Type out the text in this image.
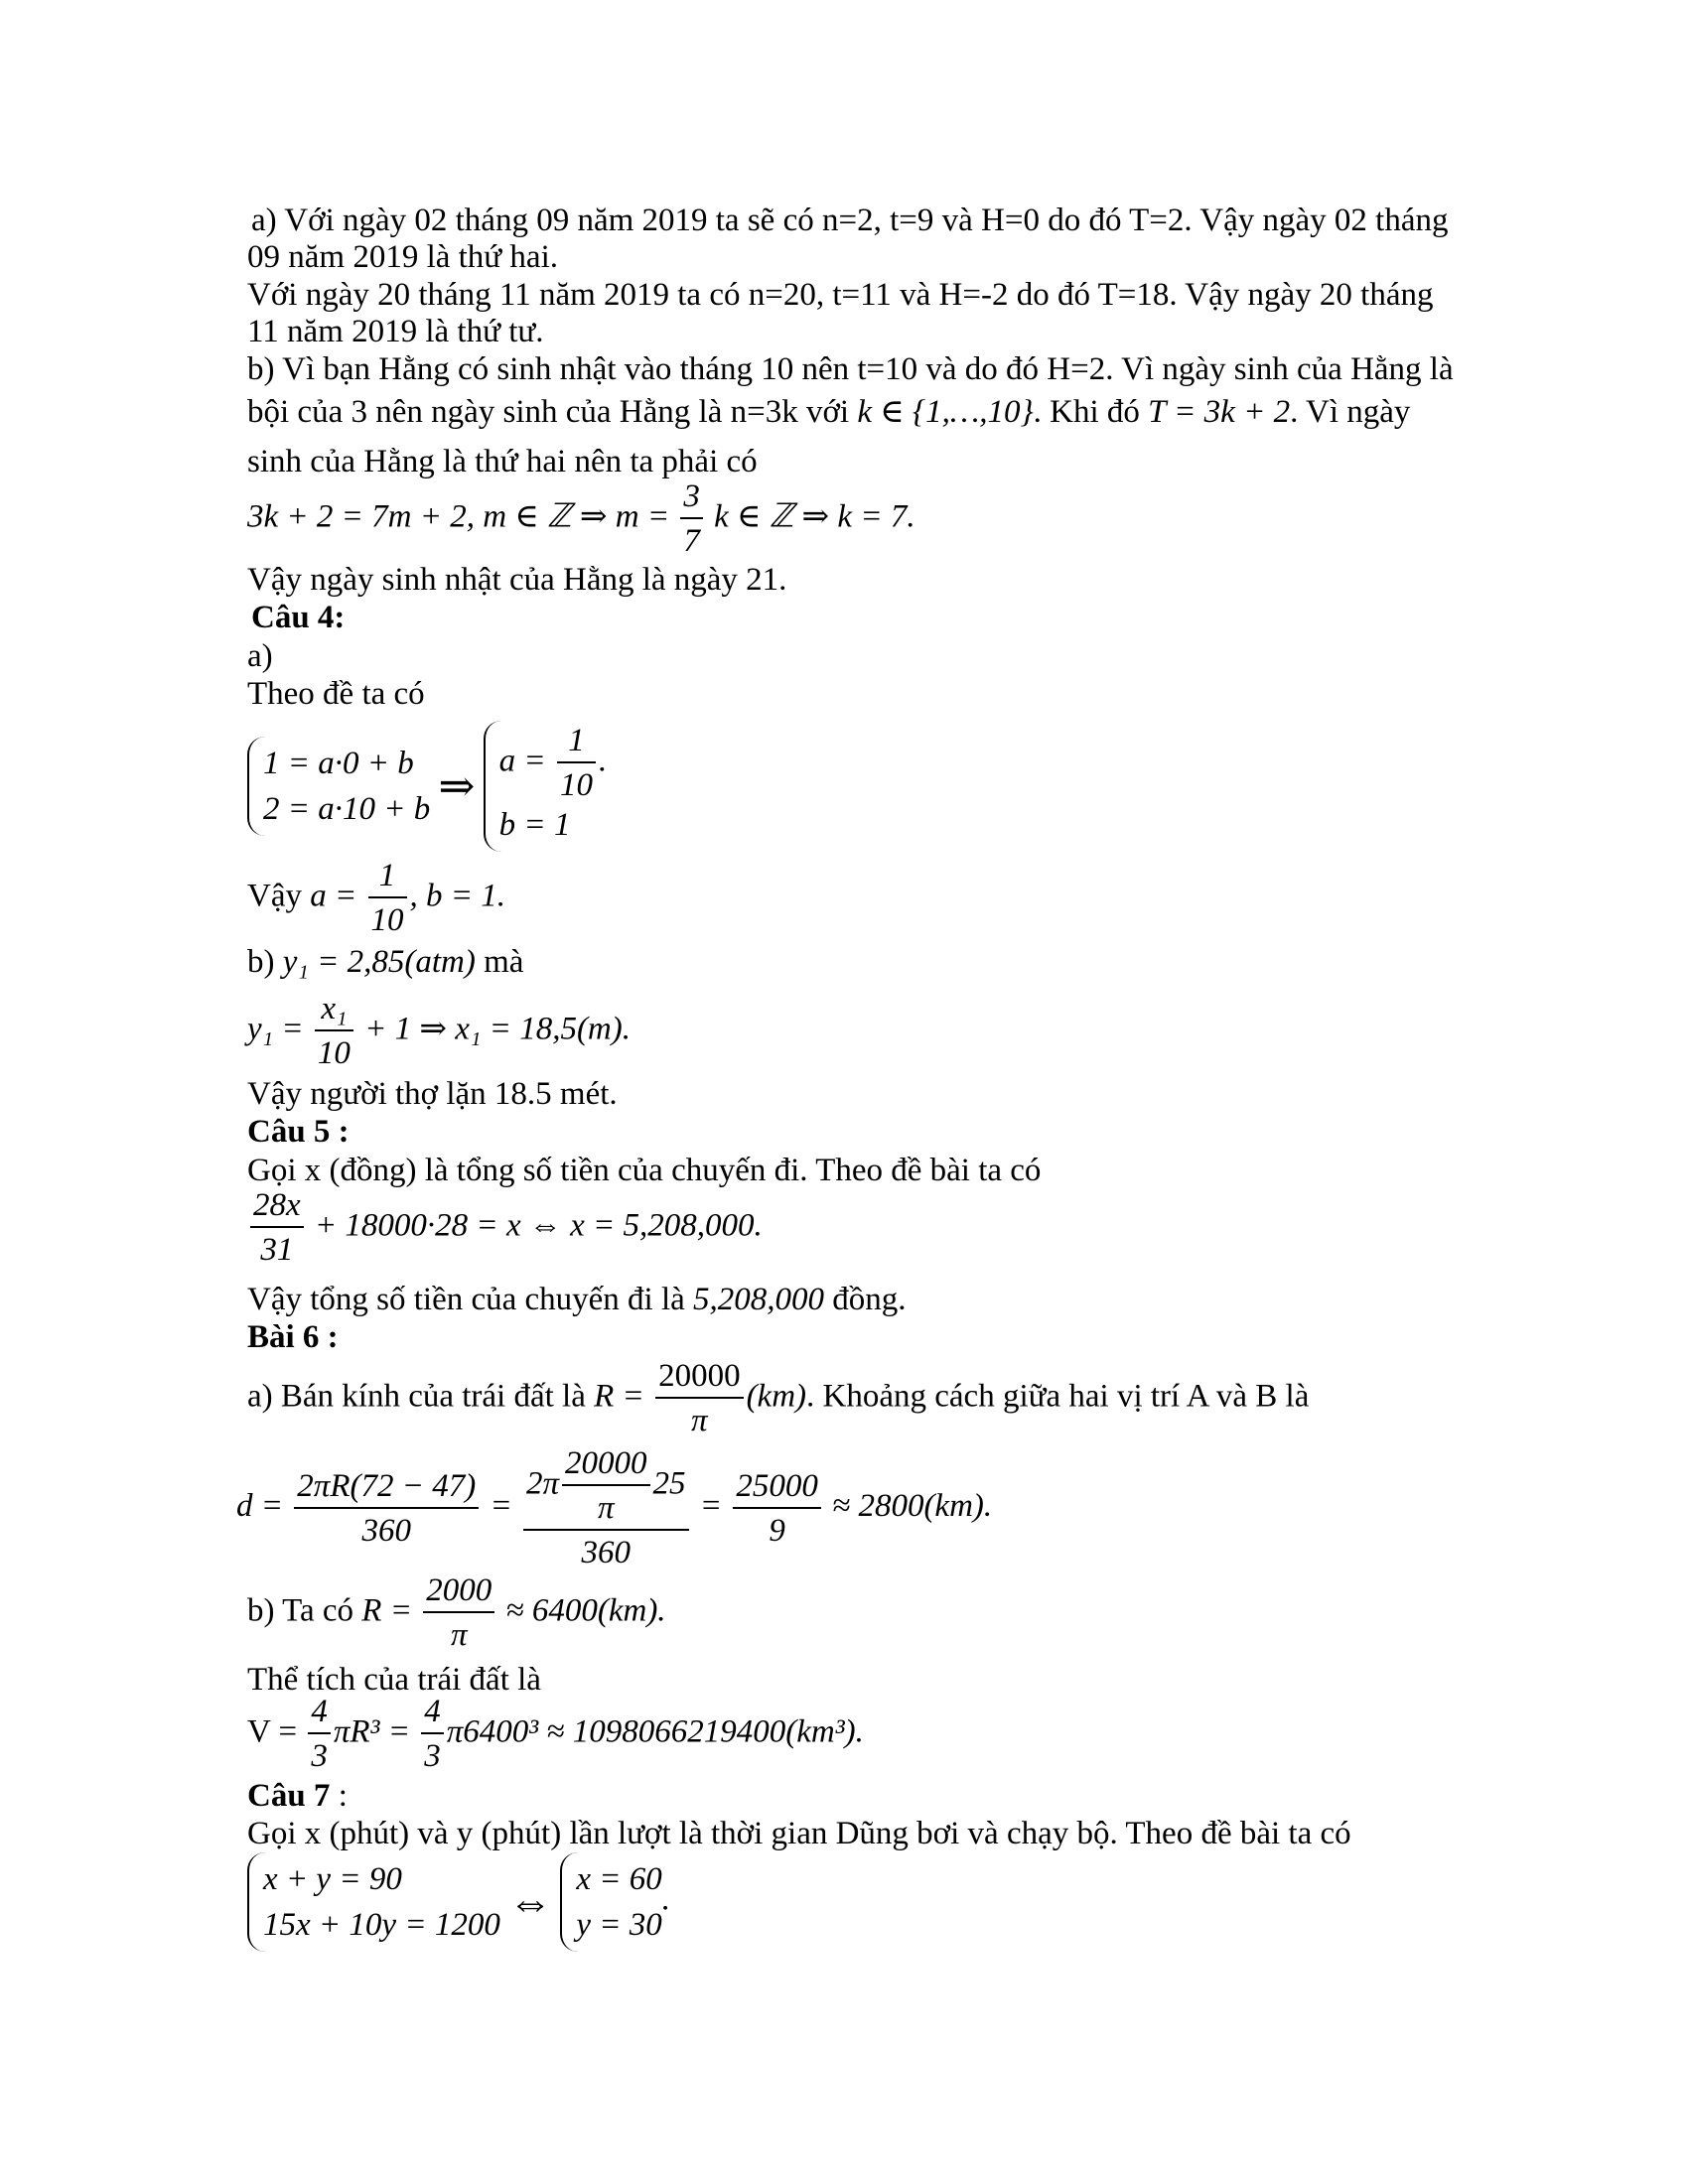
a) Với ngày 02 tháng 09 năm 2019 ta sẽ có n=2, t=9 và H=0 do đó T=2. Vậy ngày 02 tháng
09 năm 2019 là thứ hai.
Với ngày 20 tháng 11 năm 2019 ta có n=20, t=11 và H=-2 do đó T=18. Vậy ngày 20 tháng
11 năm 2019 là thứ tư.
b) Vì bạn Hằng có sinh nhật vào tháng 10 nên t=10 và do đó H=2. Vì ngày sinh của Hằng là
bội của 3 nên ngày sinh của Hằng là n=3k với k ∈ {1,…,10}. Khi đó T = 3k + 2. Vì ngày
sinh của Hằng là thứ hai nên ta phải có
3k + 2 = 7m + 2, m ∈ ℤ ⇒ $m = \frac{3}{7}$ k ∈ ℤ ⇒ k = 7.
Vậy ngày sinh nhật của Hằng là ngày 21.
Câu 4:
a)
Theo đề ta có
1 = a·0 + b
2 = a·10 + b ⇒
$a = \frac{1}{10}$ .
b = 1
Vậy $a = \frac{1}{10}$ , b = 1.
b) y₁ = 2,85(atm) mà
$y_1 = \frac{\text{x₁}}{10} + 1$ ⇒ x₁ = 18,5(m).
Vậy người thợ lặn 18.5 mét.
Câu 5 :
Gọi x (đồng) là tổng số tiền của chuyến đi. Theo đề bài ta có
$\frac{28x}{31} + 18000\cdot 28 = x$ ⇔ x = 5,208,000.
Vậy tổng số tiền của chuyến đi là 5,208,000 đồng.
Bài 6 :
a) Bán kính của trái đất là $R = \frac{20000}{\pi} (km)$. Khoảng cách giữa hai vị trí A và B là
$d = \frac{2\pi R(72 - 47)}{360} = \frac{2\pi \frac{20000}{\pi} 25}{360} = \frac{25000}{9} \approx 2800(km)$.
b) Ta có $R = \frac{2000}{\pi} \approx 6400(km)$.
Thể tích của trái đất là
$V = \frac{4}{3} \pi R^3 = \frac{4}{3} \pi 6400^3 \approx 1098066219400(km^3)$.
Câu 7 :
Gọi x (phút) và y (phút) lần lượt là thời gian Dũng bơi và chạy bộ. Theo đề bài ta có
x + y = 90
15x + 10y = 1200 ⇔ x = 60
y = 30
.
